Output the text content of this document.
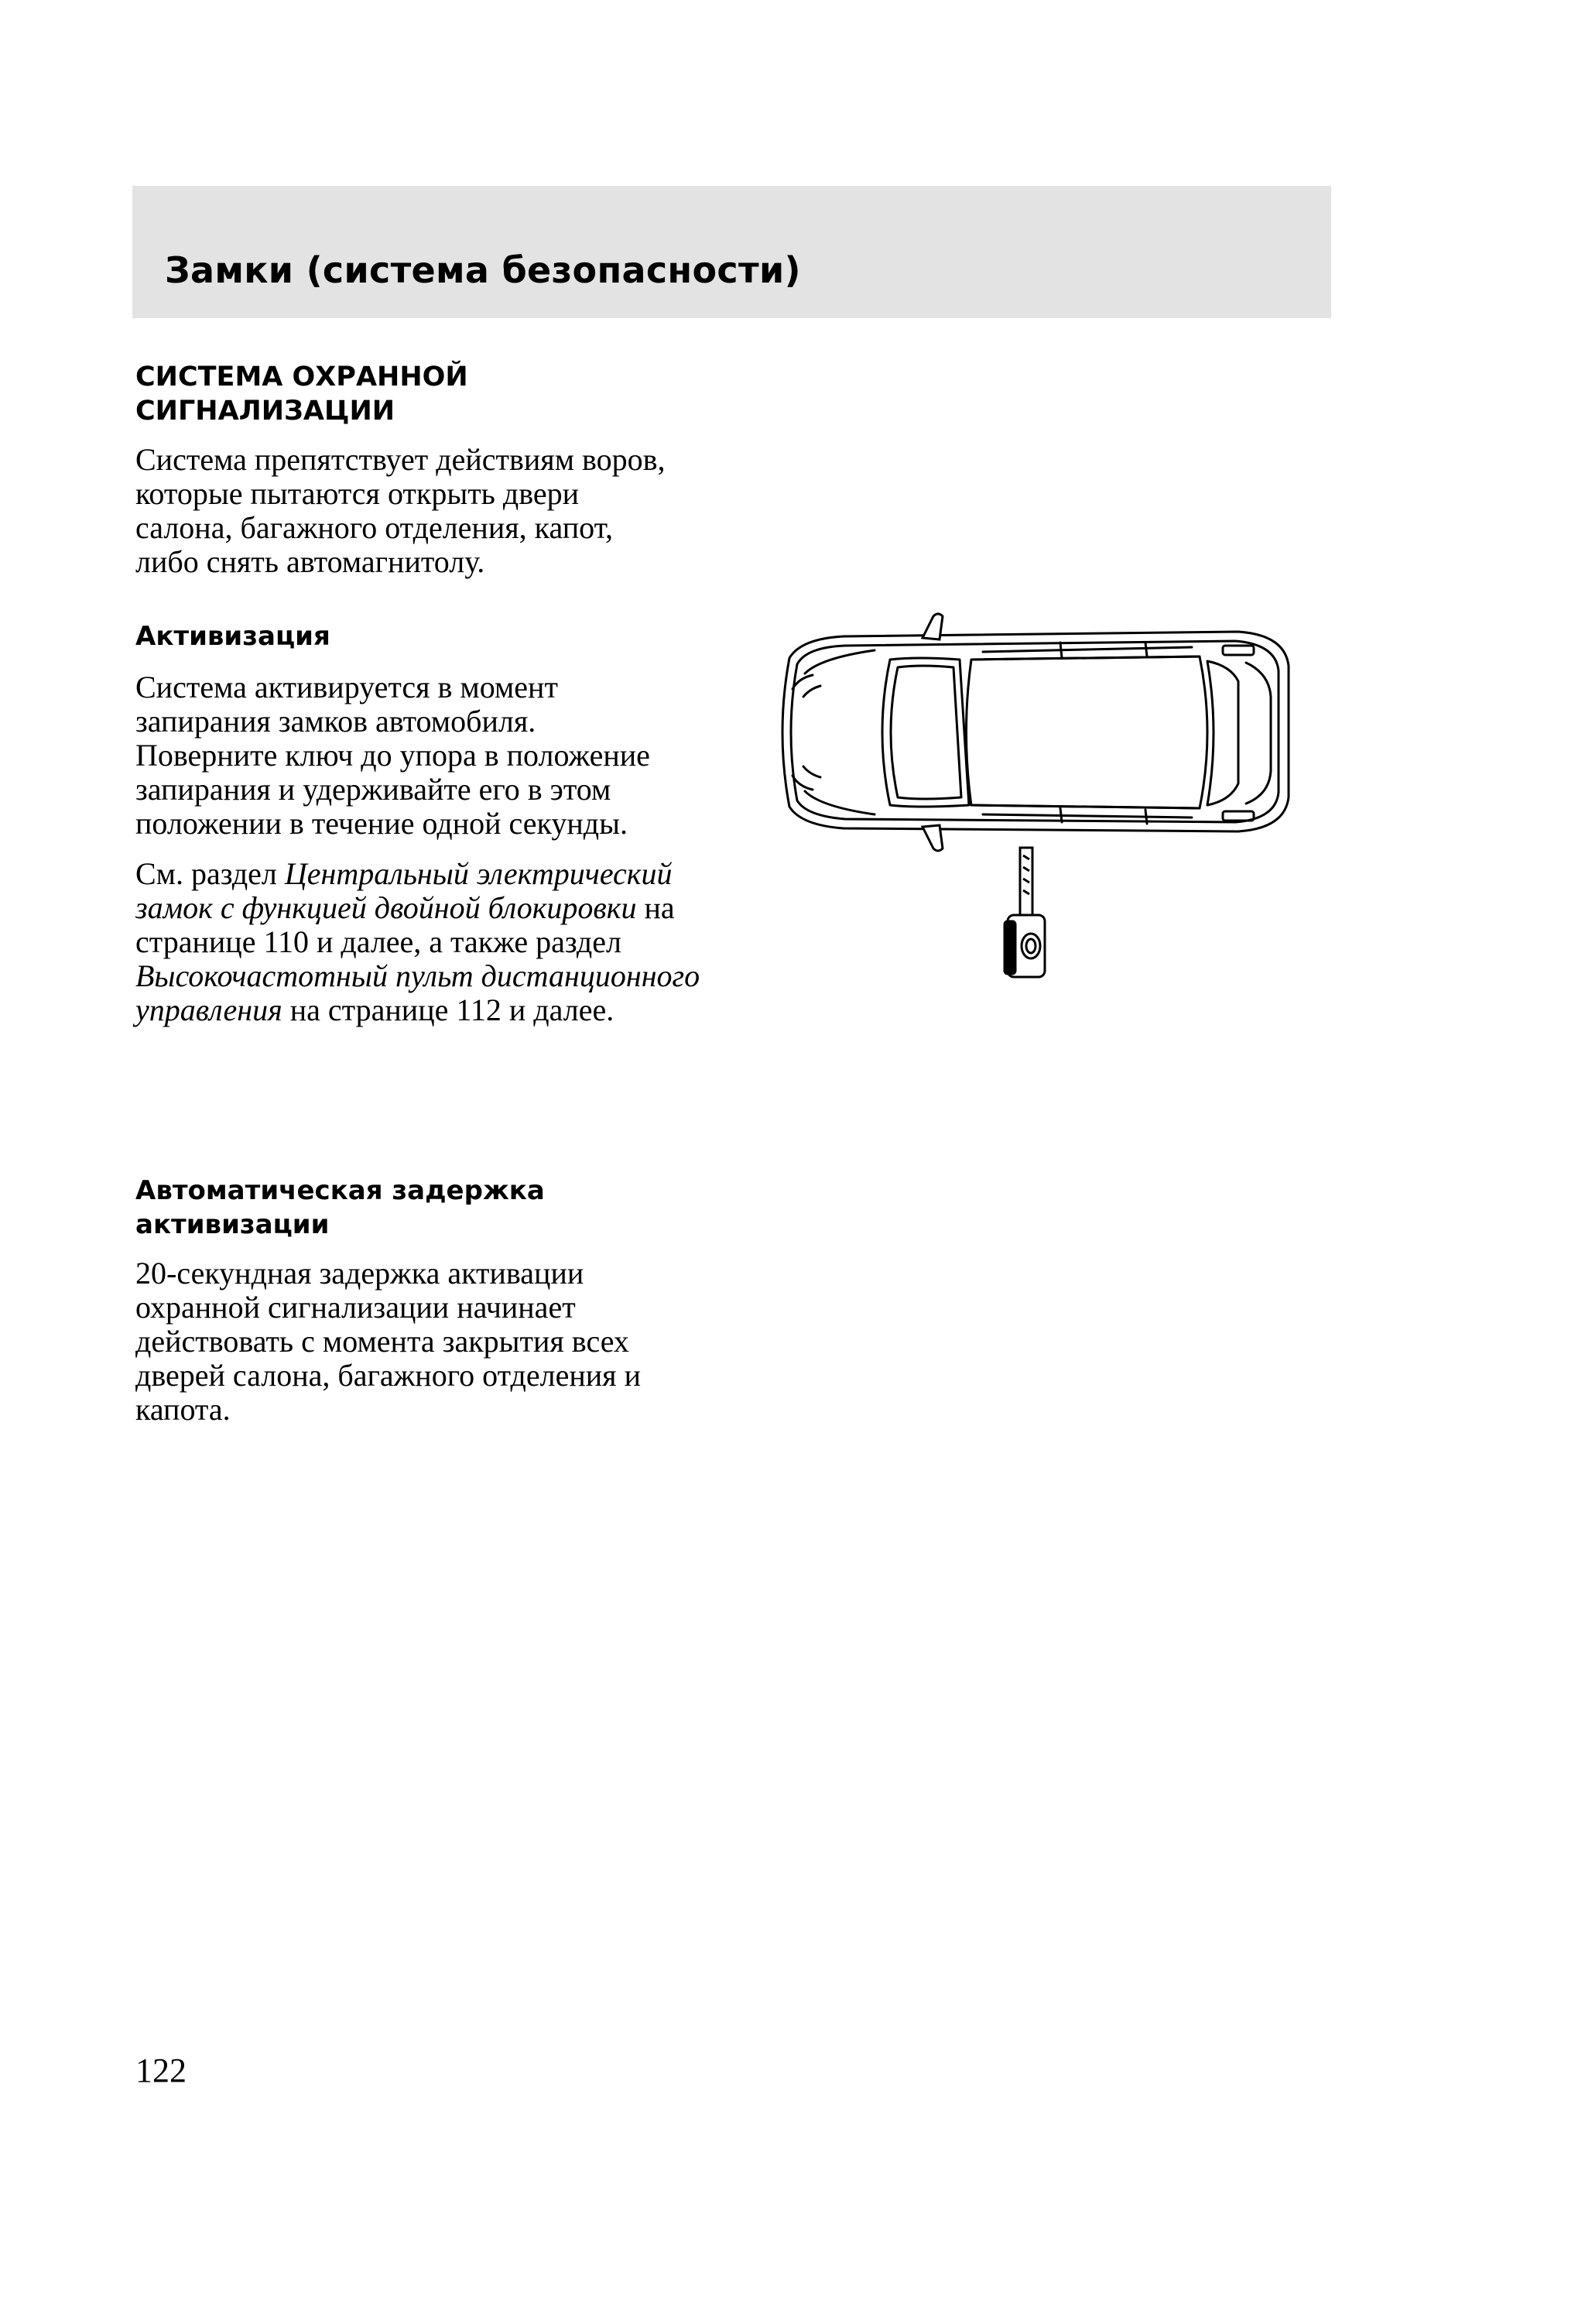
Замки (система безопасности)
СИСТЕМА ОХРАННОЙ
СИГНАЛИЗАЦИИ
Система препятствует действиям воров,
которые пытаются открыть двери
салона, багажного отделения, капот,
либо снять автомагнитолу.
Активизация
Система активируется в момент
запирания замков автомобиля.
Поверните ключ до упора в положение
запирания и удерживайте его в этом
положении в течение одной секунды.
См. раздел Центральный электрический
замок с функцией двойной блокировки на
странице 110 и далее, а также раздел
Высокочастотный пульт дистанционного
управления на странице 112 и далее.
Автоматическая задержка
активизации
20-секундная задержка активации
охранной сигнализации начинает
действовать с момента закрытия всех
дверей салона, багажного отделения и
капота.
122
